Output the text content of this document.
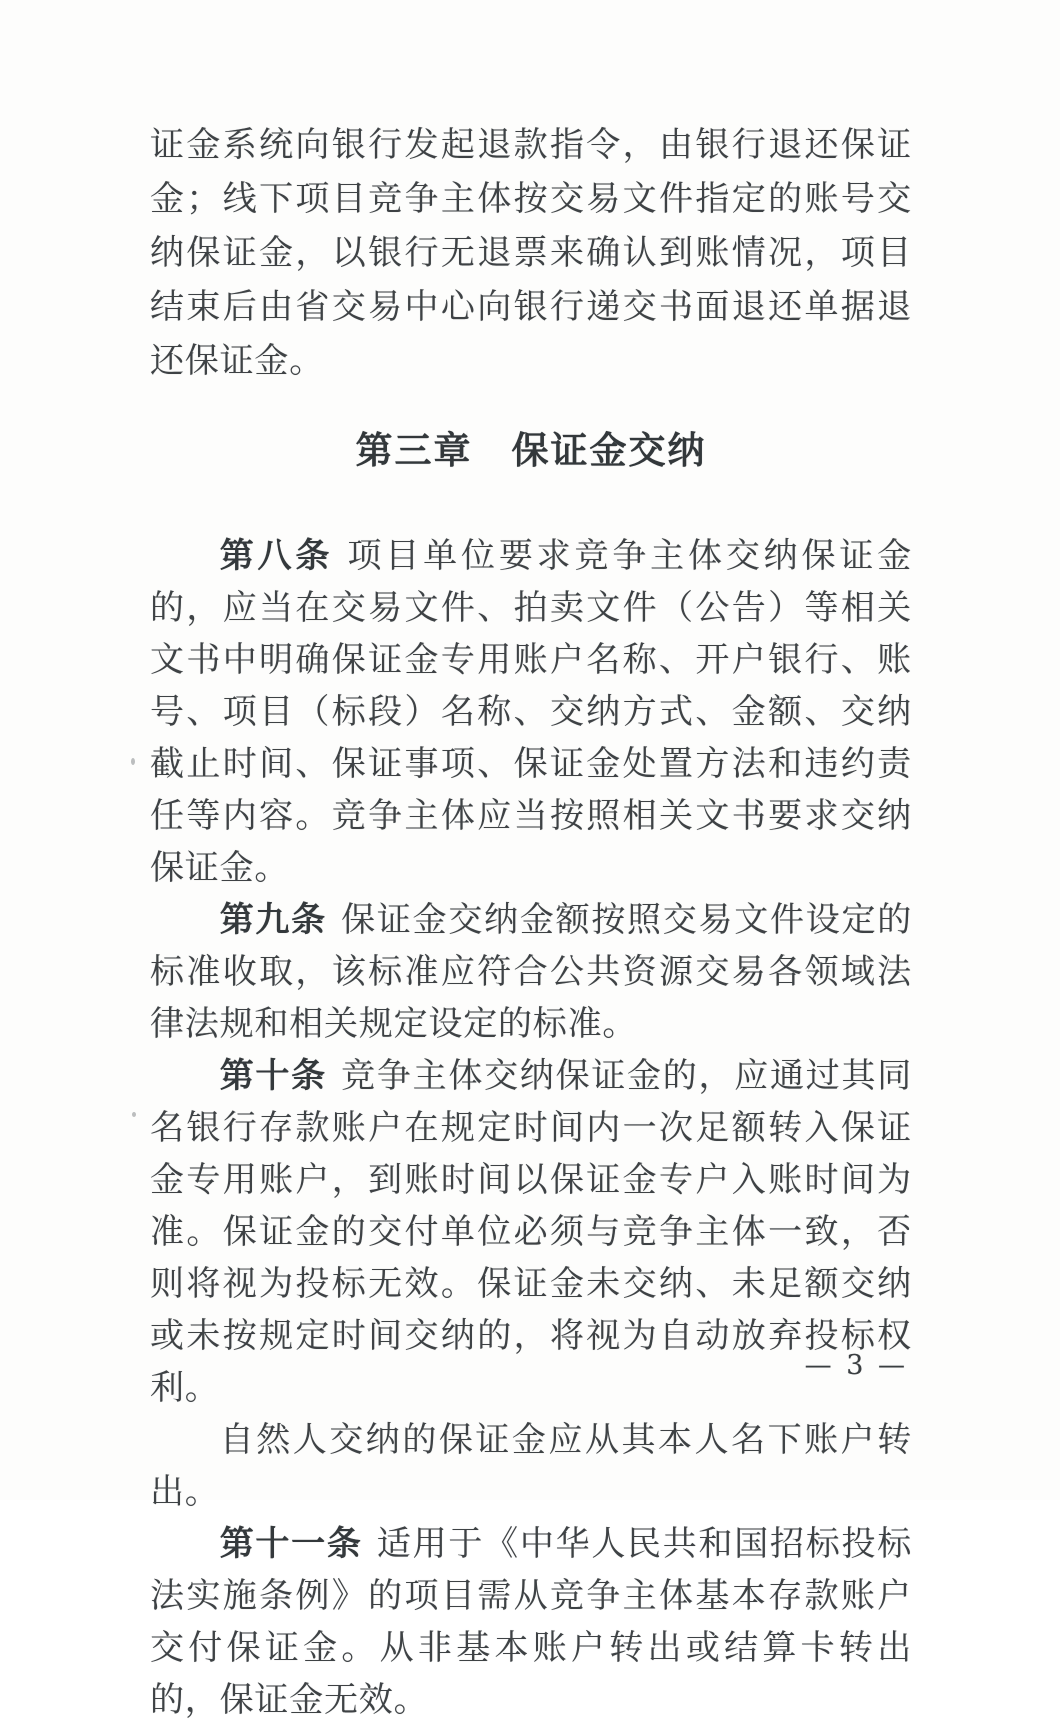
证金系统向银行发起退款指令，由银行退还保证金；线下项目竞争主体按交易文件指定的账号交纳保证金，以银行无退票来确认到账情况，项目结束后由省交易中心向银行递交书面退还单据退还保证金。

第三章　保证金交纳

第八条 项目单位要求竞争主体交纳保证金的，应当在交易文件、拍卖文件（公告）等相关文书中明确保证金专用账户名称、开户银行、账号、项目（标段）名称、交纳方式、金额、交纳截止时间、保证事项、保证金处置方法和违约责任等内容。竞争主体应当按照相关文书要求交纳保证金。

第九条 保证金交纳金额按照交易文件设定的标准收取，该标准应符合公共资源交易各领域法律法规和相关规定设定的标准。

第十条 竞争主体交纳保证金的，应通过其同名银行存款账户在规定时间内一次足额转入保证金专用账户，到账时间以保证金专户入账时间为准。保证金的交付单位必须与竞争主体一致，否则将视为投标无效。保证金未交纳、未足额交纳或未按规定时间交纳的，将视为自动放弃投标权利。

自然人交纳的保证金应从其本人名下账户转出。

第十一条 适用于《中华人民共和国招标投标法实施条例》的项目需从竞争主体基本存款账户交付保证金。从非基本账户转出或结算卡转出的，保证金无效。

— 3 —
